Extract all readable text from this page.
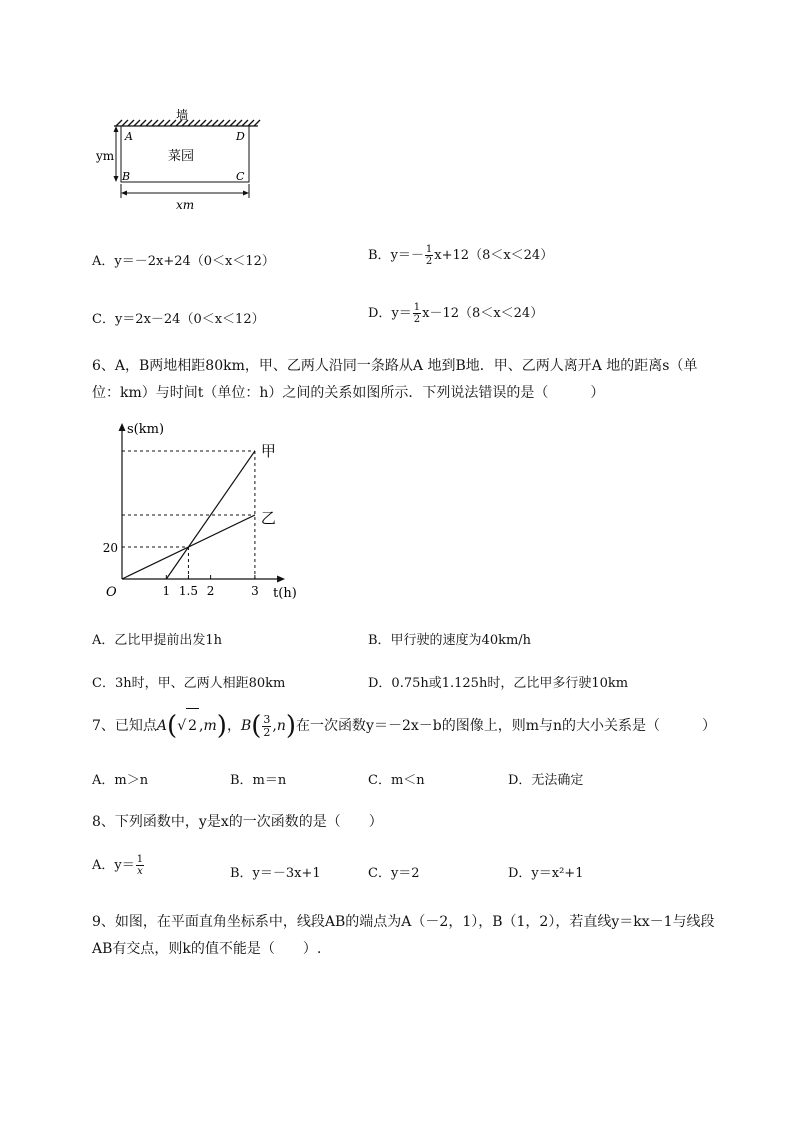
墙
菜园
A
B	C
D
ym
xm
A．y＝－2x+24（0＜x＜12）	B．$y=- \frac{1}{2} x+12(8<x<24)$
C．y＝2x－24（0＜x＜12）	D．$y= \frac{1}{2} x-12(8<x<24)$
6、A，B两地相距80km，甲、乙两人沿同一条路从A 地到B地．甲、乙两人离开A 地的距离s（单
位：km）与时间t（单位：h）之间的关系如图所示．下列说法错误的是（　　　）
s(km)
t(h)
O
甲
乙
1 1.5 2	3
20
A．乙比甲提前出发1h	B．甲行驶的速度为40km/h
C．3h时，甲、乙两人相距80km	D．0.75h或1.125h时，乙比甲多行驶10km
7、已知点A(√ 2 ,m)，$B( \frac{3}{2} ,n)$在一次函数y＝－2x－b的图像上，则m与n的大小关系是（　　　）
A．m＞n	B．m＝n	C．m＜n	D．无法确定
8、下列函数中，y是x的一次函数的是（　　）
A．$y= \frac{1}{x}$	B．y＝－3x+1	C．y＝2	D．y＝x²+1
9、如图，在平面直角坐标系中，线段AB的端点为A（－2，1），B（1，2），若直线y＝kx－1与线段
AB有交点，则k的值不能是（　　）.
